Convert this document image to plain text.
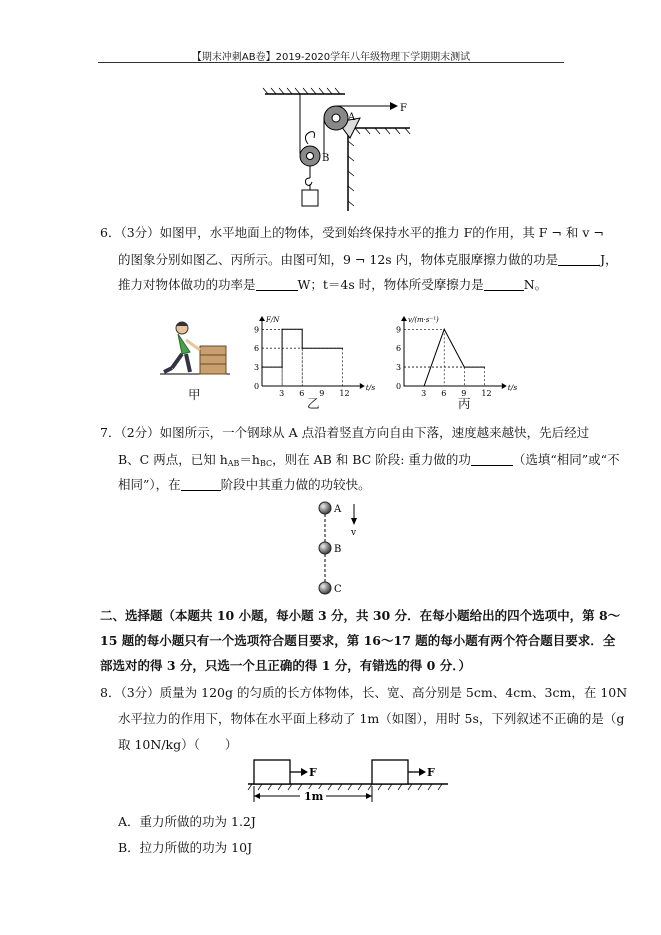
【期末冲刺AB卷】2019-2020学年八年级物理下学期期末测试
F
A
B
6．（3分）如图甲，水平地面上的物体，受到始终保持水平的推力 F的作用，其 F ¬ 和 v ¬
的图象分别如图乙、丙所示。由图可知，9 ¬ 12s 内，物体克服摩擦力做的功是	J，
推力对物体做功的功率是	W；t＝4s 时，物体所受摩擦力是	N。
甲
F/N
t/s
9
6
3
0
3 6 9 12
乙
v/(m·s⁻¹)
t/s
9
6
3
0
3 6 9 12
丙
7．（2分）如图所示，一个钢球从 A 点沿着竖直方向自由下落，速度越来越快，先后经过
B、C 两点，已知 $h_{AB}=h_{BC}$，则在 AB 和 BC 阶段: 重力做的功	（选填“相同”或“不
相同”），在	阶段中其重力做的功较快。
A
B
C
v
二、选择题（本题共 10 小题，每小题 3 分，共 30 分．在每小题给出的四个选项中，第 8～
15 题的每小题只有一个选项符合题目要求，第 16～17 题的每小题有两个符合题目要求．全
部选对的得 3 分，只选一个且正确的得 1 分，有错选的得 0 分．）
8．（3分）质量为 120g 的匀质的长方体物体，长、宽、高分别是 5cm、4cm、3cm，在 10N
水平拉力的作用下，物体在水平面上移动了 1m（如图），用时 5s，下列叙述不正确的是（g
取 10N/kg）（　　）
F	F
1m
A．重力所做的功为 1.2J
B．拉力所做的功为 10J
